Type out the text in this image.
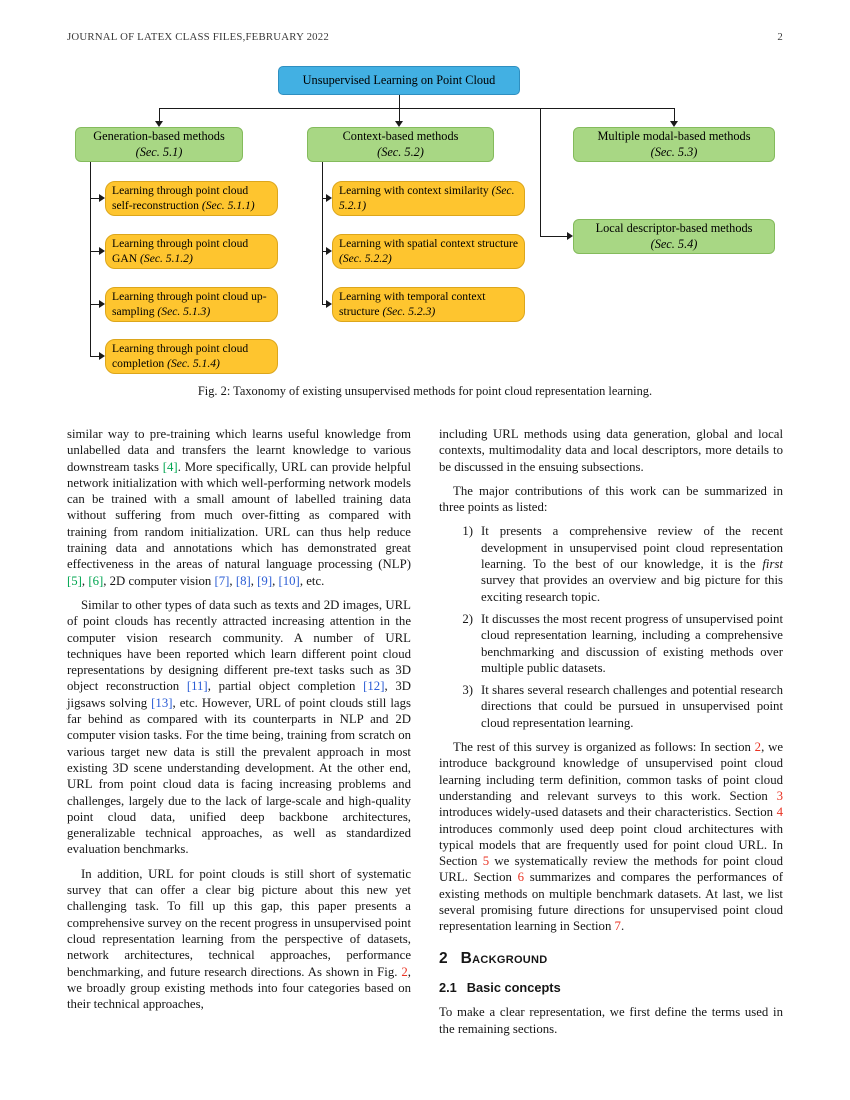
JOURNAL OF LATEX CLASS FILES,FEBRUARY 2022	2
Unsupervised Learning on Point Cloud
Generation-based methods
(Sec. 5.1)
Context-based methods
(Sec. 5.2)
Multiple modal-based methods
(Sec. 5.3)
Local descriptor-based methods
(Sec. 5.4)
Learning through point cloud self-reconstruction (Sec. 5.1.1)
Learning through point cloud GAN (Sec. 5.1.2)
Learning through point cloud up-sampling (Sec. 5.1.3)
Learning through point cloud completion (Sec. 5.1.4)
Learning with context similarity (Sec. 5.2.1)
Learning with spatial context structure (Sec. 5.2.2)
Learning with temporal context structure (Sec. 5.2.3)
Fig. 2: Taxonomy of existing unsupervised methods for point cloud representation learning.

similar way to pre-training which learns useful knowledge from unlabelled data and transfers the learnt knowledge to various downstream tasks [4]. More specifically, URL can provide helpful network initialization with which well-performing network models can be trained with a small amount of labelled training data without suffering from much over-fitting as compared with training from random initialization. URL can thus help reduce training data and annotations which has demonstrated great effectiveness in the areas of natural language processing (NLP) [5], [6], 2D computer vision [7], [8], [9], [10], etc.

Similar to other types of data such as texts and 2D images, URL of point clouds has recently attracted increasing attention in the computer vision research community. A number of URL techniques have been reported which learn different point cloud representations by designing different pre-text tasks such as 3D object reconstruction [11], partial object completion [12], 3D jigsaws solving [13], etc. However, URL of point clouds still lags far behind as compared with its counterparts in NLP and 2D computer vision tasks. For the time being, training from scratch on various target new data is still the prevalent approach in most existing 3D scene understanding development. At the other end, URL from point cloud data is facing increasing problems and challenges, largely due to the lack of large-scale and high-quality point cloud data, unified deep backbone architectures, generalizable technical approaches, as well as standardized evaluation benchmarks.

In addition, URL for point clouds is still short of systematic survey that can offer a clear big picture about this new yet challenging task. To fill up this gap, this paper presents a comprehensive survey on the recent progress in unsupervised point cloud representation learning from the perspective of datasets, network architectures, technical approaches, performance benchmarking, and future research directions. As shown in Fig. 2, we broadly group existing methods into four categories based on their technical approaches,

including URL methods using data generation, global and local contexts, multimodality data and local descriptors, more details to be discussed in the ensuing subsections.

The major contributions of this work can be summarized in three points as listed:

1) It presents a comprehensive review of the recent development in unsupervised point cloud representation learning. To the best of our knowledge, it is the first survey that provides an overview and big picture for this exciting research topic.
2) It discusses the most recent progress of unsupervised point cloud representation learning, including a comprehensive benchmarking and discussion of existing methods over multiple public datasets.
3) It shares several research challenges and potential research directions that could be pursued in unsupervised point cloud representation learning.

The rest of this survey is organized as follows: In section 2, we introduce background knowledge of unsupervised point cloud learning including term definition, common tasks of point cloud understanding and relevant surveys to this work. Section 3 introduces widely-used datasets and their characteristics. Section 4 introduces commonly used deep point cloud architectures with typical models that are frequently used for point cloud URL. In Section 5 we systematically review the methods for point cloud URL. Section 6 summarizes and compares the performances of existing methods on multiple benchmark datasets. At last, we list several promising future directions for unsupervised point cloud representation learning in Section 7.

2 Background
2.1 Basic concepts

To make a clear representation, we first define the terms used in the remaining sections.
